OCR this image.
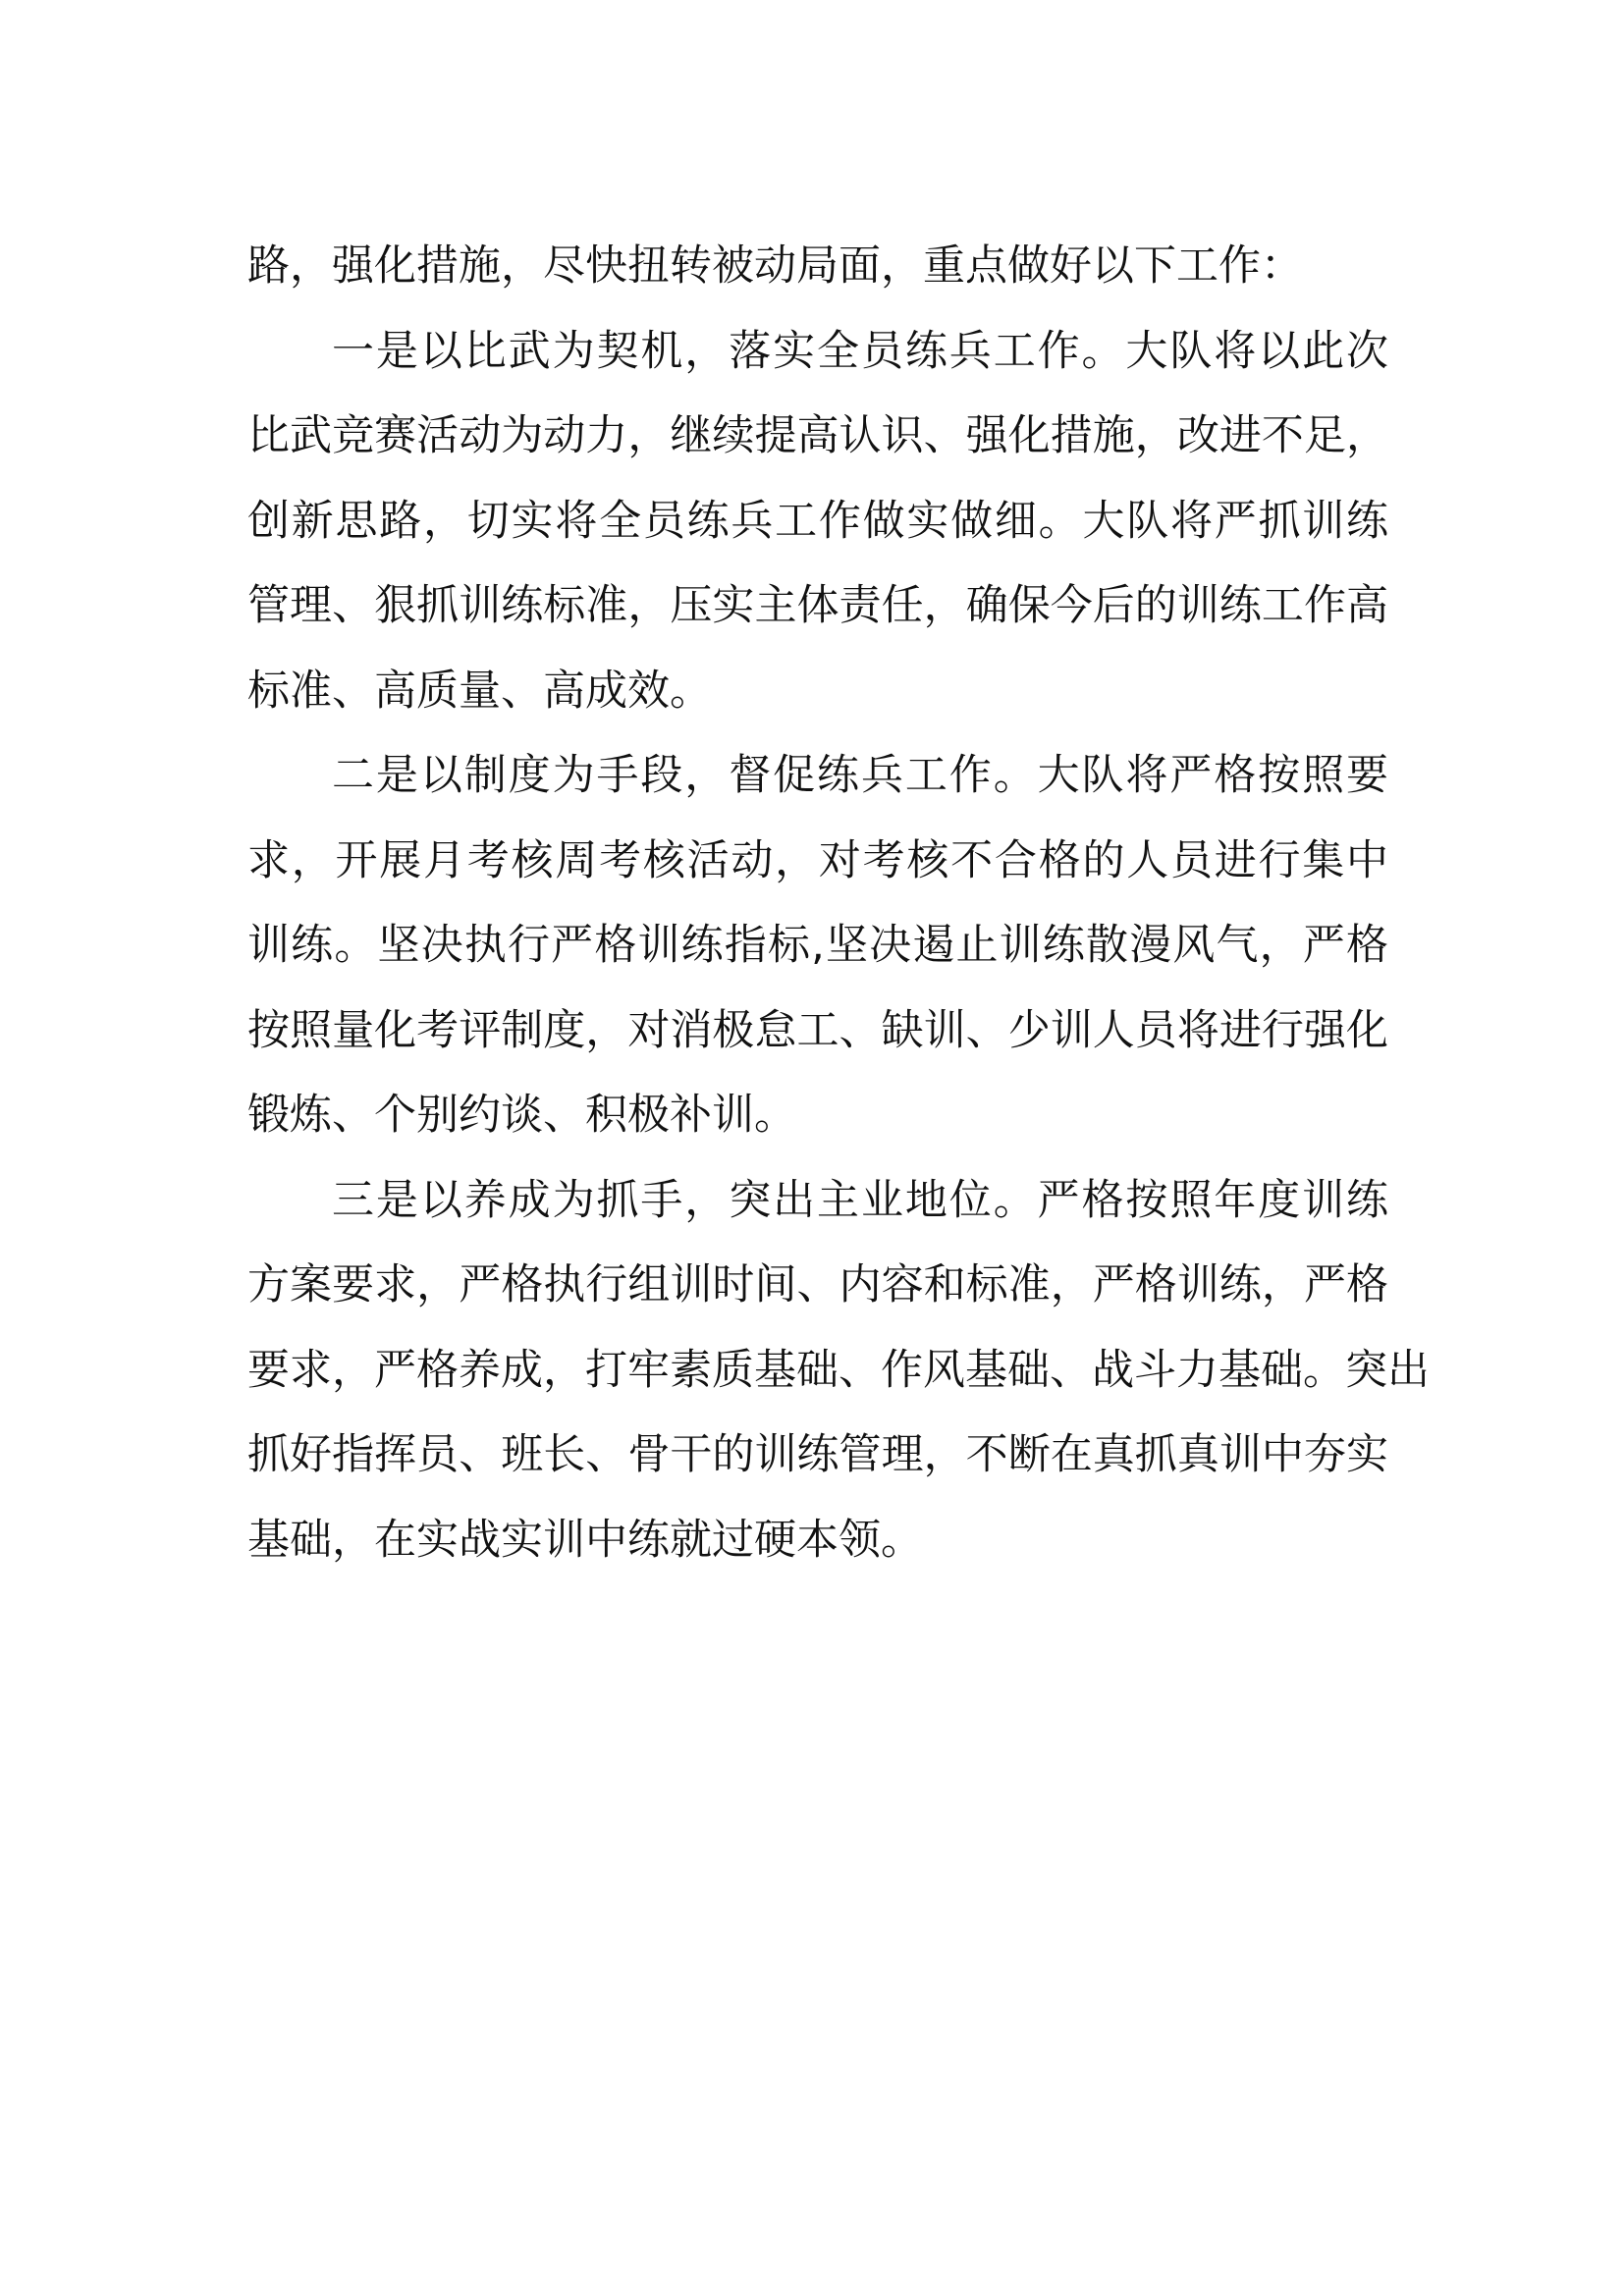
路，强化措施，尽快扭转被动局面，重点做好以下工作：
一是以比武为契机，落实全员练兵工作。大队将以此次
比武竞赛活动为动力，继续提高认识、强化措施，改进不足，
创新思路，切实将全员练兵工作做实做细。大队将严抓训练
管理、狠抓训练标准，压实主体责任，确保今后的训练工作高
标准、高质量、高成效。
二是以制度为手段，督促练兵工作。大队将严格按照要
求，开展月考核周考核活动，对考核不合格的人员进行集中
训练。坚决执行严格训练指标,坚决遏止训练散漫风气，严格
按照量化考评制度，对消极怠工、缺训、少训人员将进行强化
锻炼、个别约谈、积极补训。
三是以养成为抓手，突出主业地位。严格按照年度训练
方案要求，严格执行组训时间、内容和标准，严格训练，严格
要求，严格养成，打牢素质基础、作风基础、战斗力基础。突出
抓好指挥员、班长、骨干的训练管理，不断在真抓真训中夯实
基础，在实战实训中练就过硬本领。
